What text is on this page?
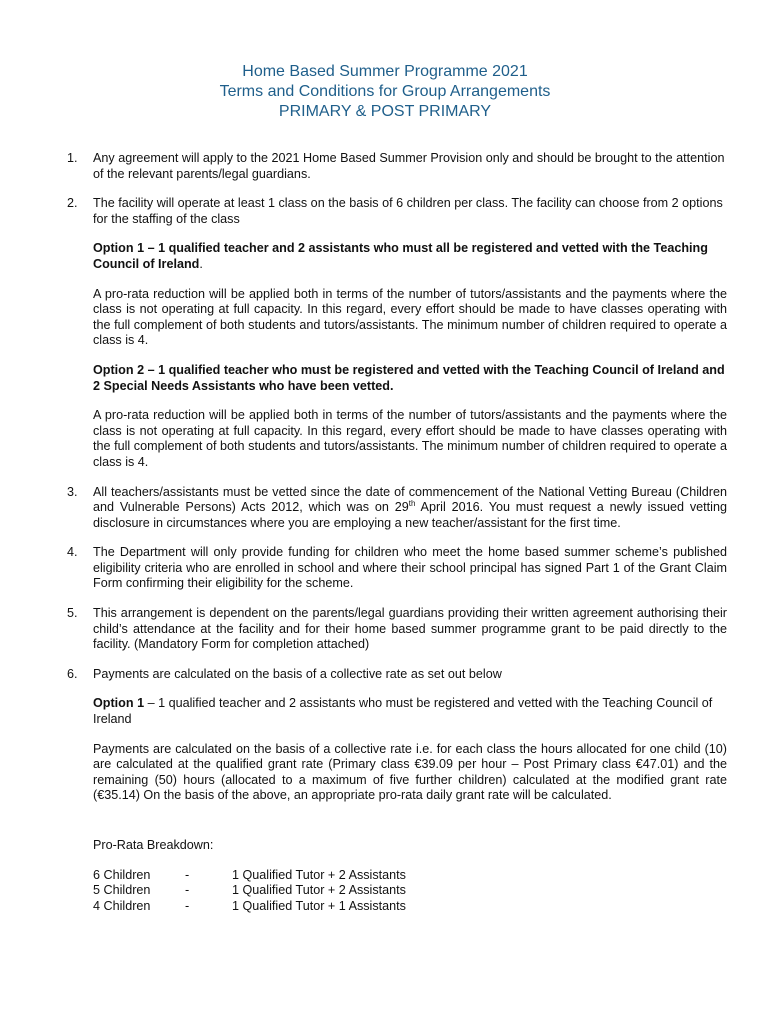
Home Based Summer Programme 2021
Terms and Conditions for Group Arrangements
PRIMARY & POST PRIMARY
1. Any agreement will apply to the 2021 Home Based Summer Provision only and should be brought to the attention of the relevant parents/legal guardians.

2. The facility will operate at least 1 class on the basis of 6 children per class. The facility can choose from 2 options for the staffing of the class

Option 1 – 1 qualified teacher and 2 assistants who must all be registered and vetted with the Teaching Council of Ireland.

A pro-rata reduction will be applied both in terms of the number of tutors/assistants and the payments where the class is not operating at full capacity. In this regard, every effort should be made to have classes operating with the full complement of both students and tutors/assistants. The minimum number of children required to operate a class is 4.

Option 2 – 1 qualified teacher who must be registered and vetted with the Teaching Council of Ireland and 2 Special Needs Assistants who have been vetted.

A pro-rata reduction will be applied both in terms of the number of tutors/assistants and the payments where the class is not operating at full capacity. In this regard, every effort should be made to have classes operating with the full complement of both students and tutors/assistants. The minimum number of children required to operate a class is 4.

3. All teachers/assistants must be vetted since the date of commencement of the National Vetting Bureau (Children and Vulnerable Persons) Acts 2012, which was on 29th April 2016. You must request a newly issued vetting disclosure in circumstances where you are employing a new teacher/assistant for the first time.

4. The Department will only provide funding for children who meet the home based summer scheme’s published eligibility criteria who are enrolled in school and where their school principal has signed Part 1 of the Grant Claim Form confirming their eligibility for the scheme.

5. This arrangement is dependent on the parents/legal guardians providing their written agreement authorising their child’s attendance at the facility and for their home based summer programme grant to be paid directly to the facility. (Mandatory Form for completion attached)

6. Payments are calculated on the basis of a collective rate as set out below

Option 1 – 1 qualified teacher and 2 assistants who must be registered and vetted with the Teaching Council of Ireland

Payments are calculated on the basis of a collective rate i.e. for each class the hours allocated for one child (10) are calculated at the qualified grant rate (Primary class €39.09 per hour – Post Primary class €47.01) and the remaining (50) hours (allocated to a maximum of five further children) calculated at the modified grant rate (€35.14) On the basis of the above, an appropriate pro-rata daily grant rate will be calculated.

Pro-Rata Breakdown:

6 Children	-	1 Qualified Tutor + 2 Assistants
5 Children	-	1 Qualified Tutor + 2 Assistants
4 Children	-	1 Qualified Tutor + 1 Assistants
